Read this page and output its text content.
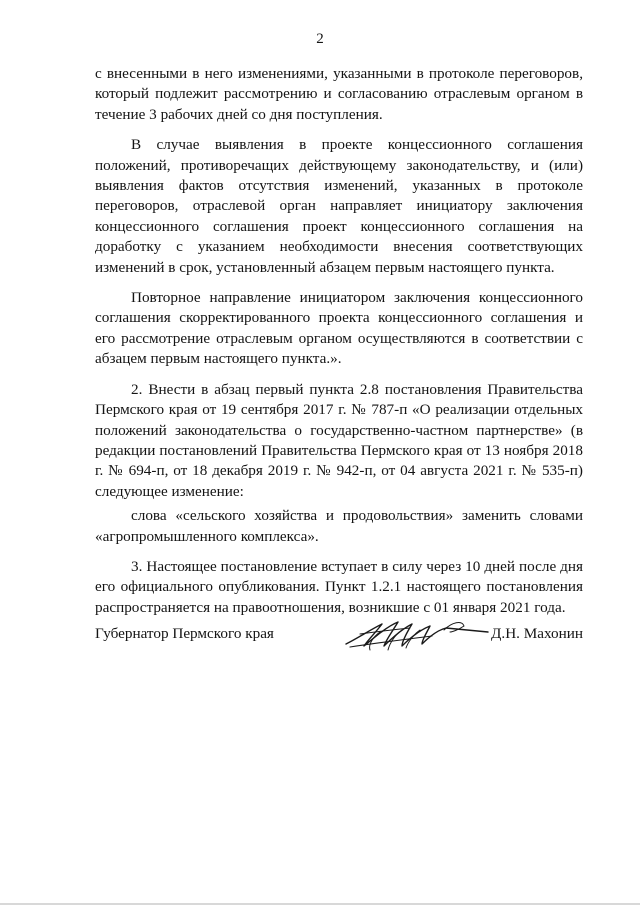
2

с внесенными в него изменениями, указанными в протоколе переговоров, который подлежит рассмотрению и согласованию отраслевым органом в течение 3 рабочих дней со дня поступления.

В случае выявления в проекте концессионного соглашения положений, противоречащих действующему законодательству, и (или) выявления фактов отсутствия изменений, указанных в протоколе переговоров, отраслевой орган направляет инициатору заключения концессионного соглашения проект концессионного соглашения на доработку с указанием необходимости внесения соответствующих изменений в срок, установленный абзацем первым настоящего пункта.

Повторное направление инициатором заключения концессионного соглашения скорректированного проекта концессионного соглашения и его рассмотрение отраслевым органом осуществляются в соответствии с абзацем первым настоящего пункта.».

2. Внести в абзац первый пункта 2.8 постановления Правительства Пермского края от 19 сентября 2017 г. № 787-п «О реализации отдельных положений законодательства о государственно-частном партнерстве» (в редакции постановлений Правительства Пермского края от 13 ноября 2018 г. № 694-п, от 18 декабря 2019 г. № 942-п, от 04 августа 2021 г. № 535-п) следующее изменение:

слова «сельского хозяйства и продовольствия» заменить словами «агропромышленного комплекса».

3. Настоящее постановление вступает в силу через 10 дней после дня его официального опубликования. Пункт 1.2.1 настоящего постановления распространяется на правоотношения, возникшие с 01 января 2021 года.

Губернатор Пермского края	Д.Н. Махонин
